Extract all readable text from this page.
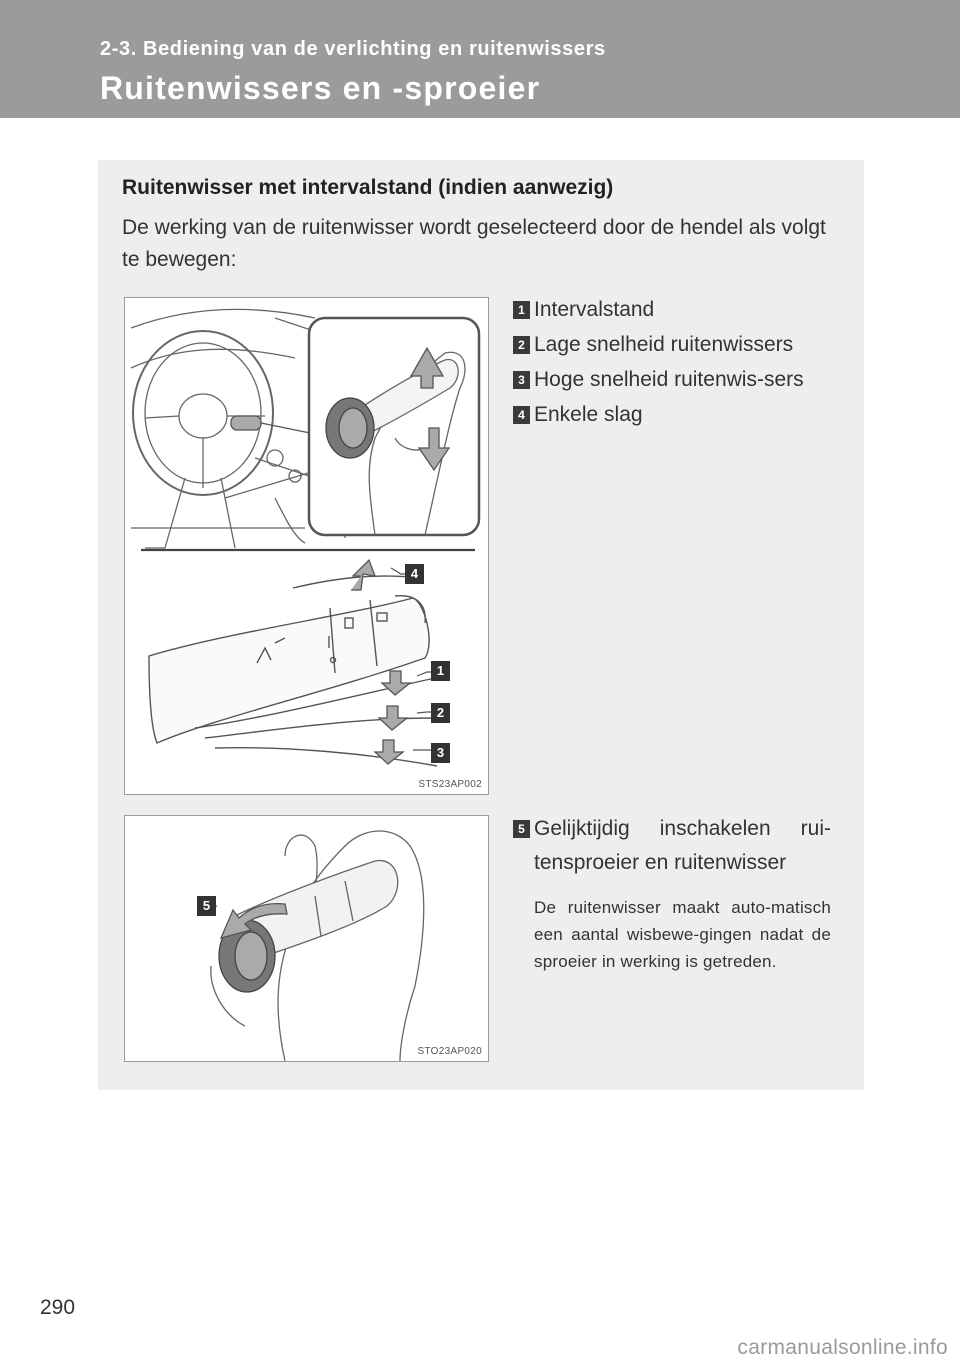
2-3. Bediening van de verlichting en ruitenwissers
Ruitenwissers en -sproeier
Ruitenwisser met intervalstand (indien aanwezig)
De werking van de ruitenwisser wordt geselecteerd door de hendel als volgt te bewegen:
4
1
2
3
STS23AP002
1 Intervalstand
2 Lage snelheid ruitenwissers
3 Hoge snelheid ruitenwis-sers
4 Enkele slag
5
STO23AP020
5 Gelijktijdig inschakelen rui-tensproeier en ruitenwisser
De ruitenwisser maakt auto-matisch een aantal wisbewe-gingen nadat de sproeier in werking is getreden.
290
carmanualsonline.info
